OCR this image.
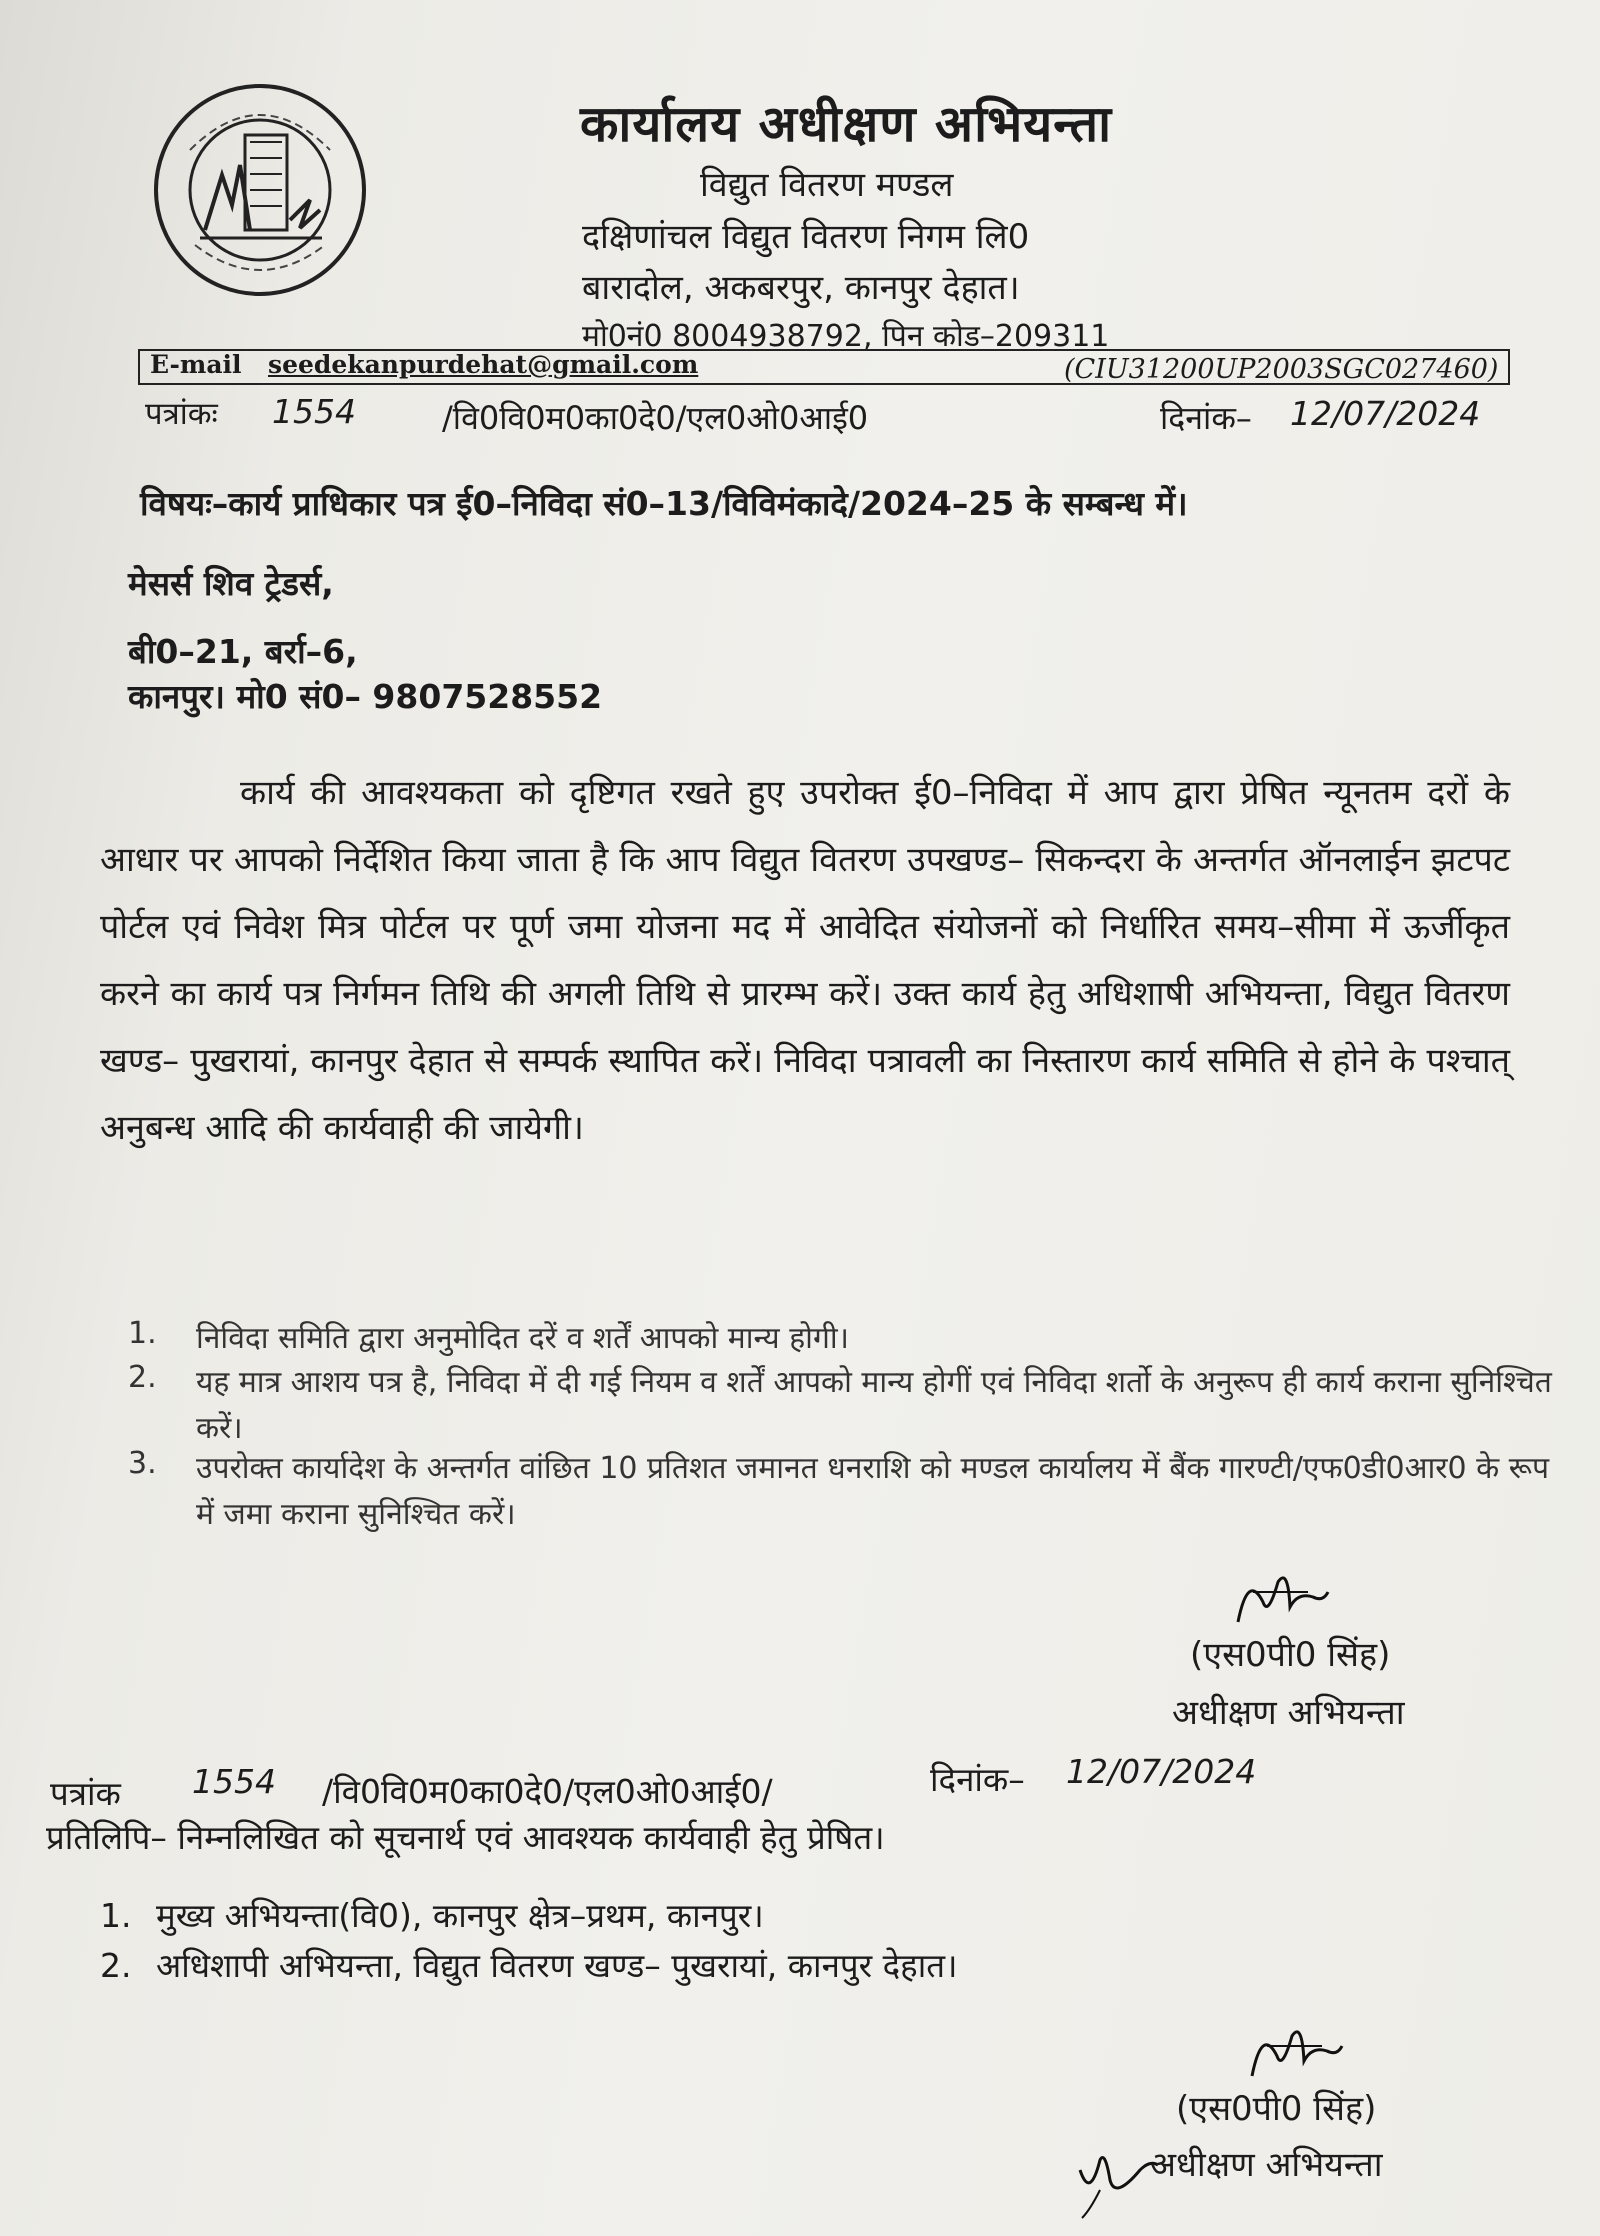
कार्यालय अधीक्षण अभियन्ता
विद्युत वितरण मण्डल
दक्षिणांचल विद्युत वितरण निगम लि0
बारादोल, अकबरपुर, कानपुर देहात।
मो0नं0 8004938792, पिन कोड–209311
E-mail seedekanpurdehat@gmail.com	(CIU31200UP2003SGC027460)
पत्रांकः 1554	/वि0वि0म0का0दे0/एल0ओ0आई0	दिनांक– 12/07/2024
विषयः–कार्य प्राधिकार पत्र ई0–निविदा सं0–13/विविमंकादे/2024–25 के सम्बन्ध में।
मेसर्स शिव ट्रेडर्स,
बी0–21, बर्रा–6,
कानपुर। मो0 सं0– 9807528552
कार्य की आवश्यकता को दृष्टिगत रखते हुए उपरोक्त ई0–निविदा में आप द्वारा प्रेषित न्यूनतम दरों के आधार पर आपको निर्देशित किया जाता है कि आप विद्युत वितरण उपखण्ड– सिकन्दरा के अन्तर्गत ऑनलाईन झटपट पोर्टल एवं निवेश मित्र पोर्टल पर पूर्ण जमा योजना मद में आवेदित संयोजनों को निर्धारित समय–सीमा में ऊर्जीकृत करने का कार्य पत्र निर्गमन तिथि की अगली तिथि से प्रारम्भ करें। उक्त कार्य हेतु अधिशाषी अभियन्ता, विद्युत वितरण खण्ड– पुखरायां, कानपुर देहात से सम्पर्क स्थापित करें। निविदा पत्रावली का निस्तारण कार्य समिति से होने के पश्चात् अनुबन्ध आदि की कार्यवाही की जायेगी।
1. निविदा समिति द्वारा अनुमोदित दरें व शर्तें आपको मान्य होगी।
2. यह मात्र आशय पत्र है, निविदा में दी गई नियम व शर्तें आपको मान्य होगीं एवं निविदा शर्तो के अनुरूप ही कार्य कराना सुनिश्चित करें।
3. उपरोक्त कार्यादेश के अन्तर्गत वांछित 10 प्रतिशत जमानत धनराशि को मण्डल कार्यालय में बैंक गारण्टी/एफ0डी0आर0 के रूप में जमा कराना सुनिश्चित करें।
(एस0पी0 सिंह)
अधीक्षण अभियन्ता
पत्रांक 1554 /वि0वि0म0का0दे0/एल0ओ0आई0/	दिनांक– 12/07/2024
प्रतिलिपि– निम्नलिखित को सूचनार्थ एवं आवश्यक कार्यवाही हेतु प्रेषित।
1. मुख्य अभियन्ता(वि0), कानपुर क्षेत्र–प्रथम, कानपुर।
2. अधिशापी अभियन्ता, विद्युत वितरण खण्ड– पुखरायां, कानपुर देहात।
(एस0पी0 सिंह)
अधीक्षण अभियन्ता
